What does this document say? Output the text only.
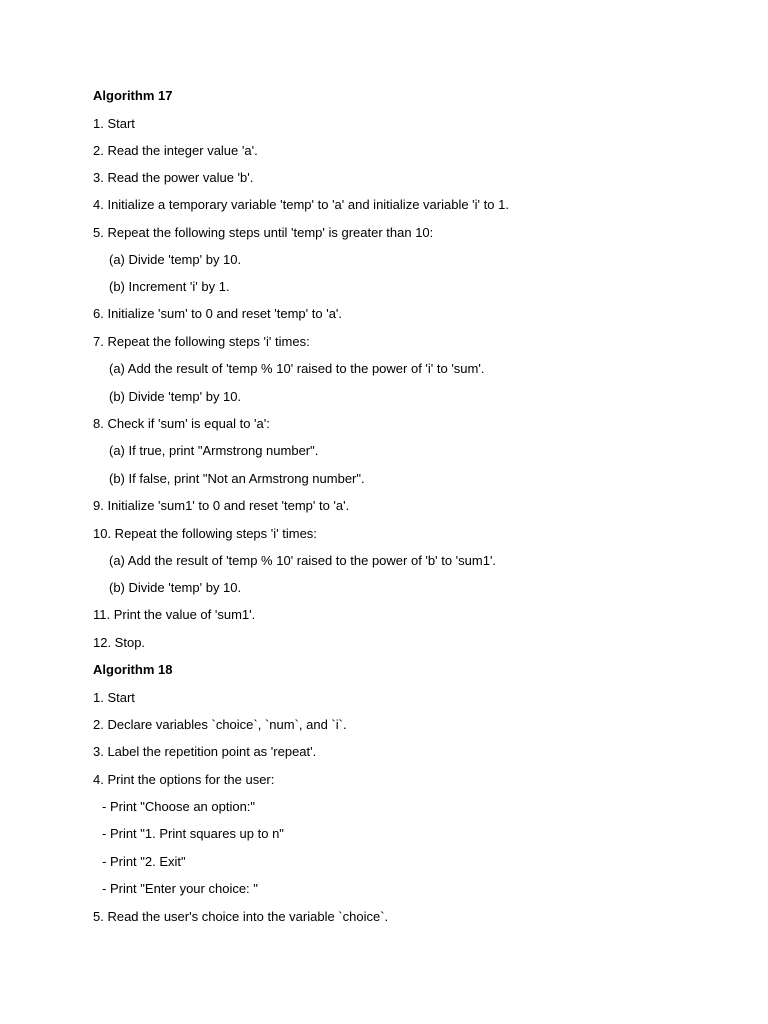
Algorithm 17
1. Start
2. Read the integer value 'a'.
3. Read the power value 'b'.
4. Initialize a temporary variable 'temp' to 'a' and initialize variable 'i' to 1.
5. Repeat the following steps until 'temp' is greater than 10:
(a) Divide 'temp' by 10.
(b) Increment 'i' by 1.
6. Initialize 'sum' to 0 and reset 'temp' to 'a'.
7. Repeat the following steps 'i' times:
(a) Add the result of 'temp % 10' raised to the power of 'i' to 'sum'.
(b) Divide 'temp' by 10.
8. Check if 'sum' is equal to 'a':
(a) If true, print "Armstrong number".
(b) If false, print "Not an Armstrong number".
9. Initialize 'sum1' to 0 and reset 'temp' to 'a'.
10. Repeat the following steps 'i' times:
(a) Add the result of 'temp % 10' raised to the power of 'b' to 'sum1'.
(b) Divide 'temp' by 10.
11. Print the value of 'sum1'.
12. Stop.
Algorithm 18
1. Start
2. Declare variables `choice`, `num`, and `i`.
3. Label the repetition point as 'repeat'.
4. Print the options for the user:
- Print "Choose an option:"
- Print "1. Print squares up to n"
- Print "2. Exit"
- Print "Enter your choice: "
5. Read the user's choice into the variable `choice`.
